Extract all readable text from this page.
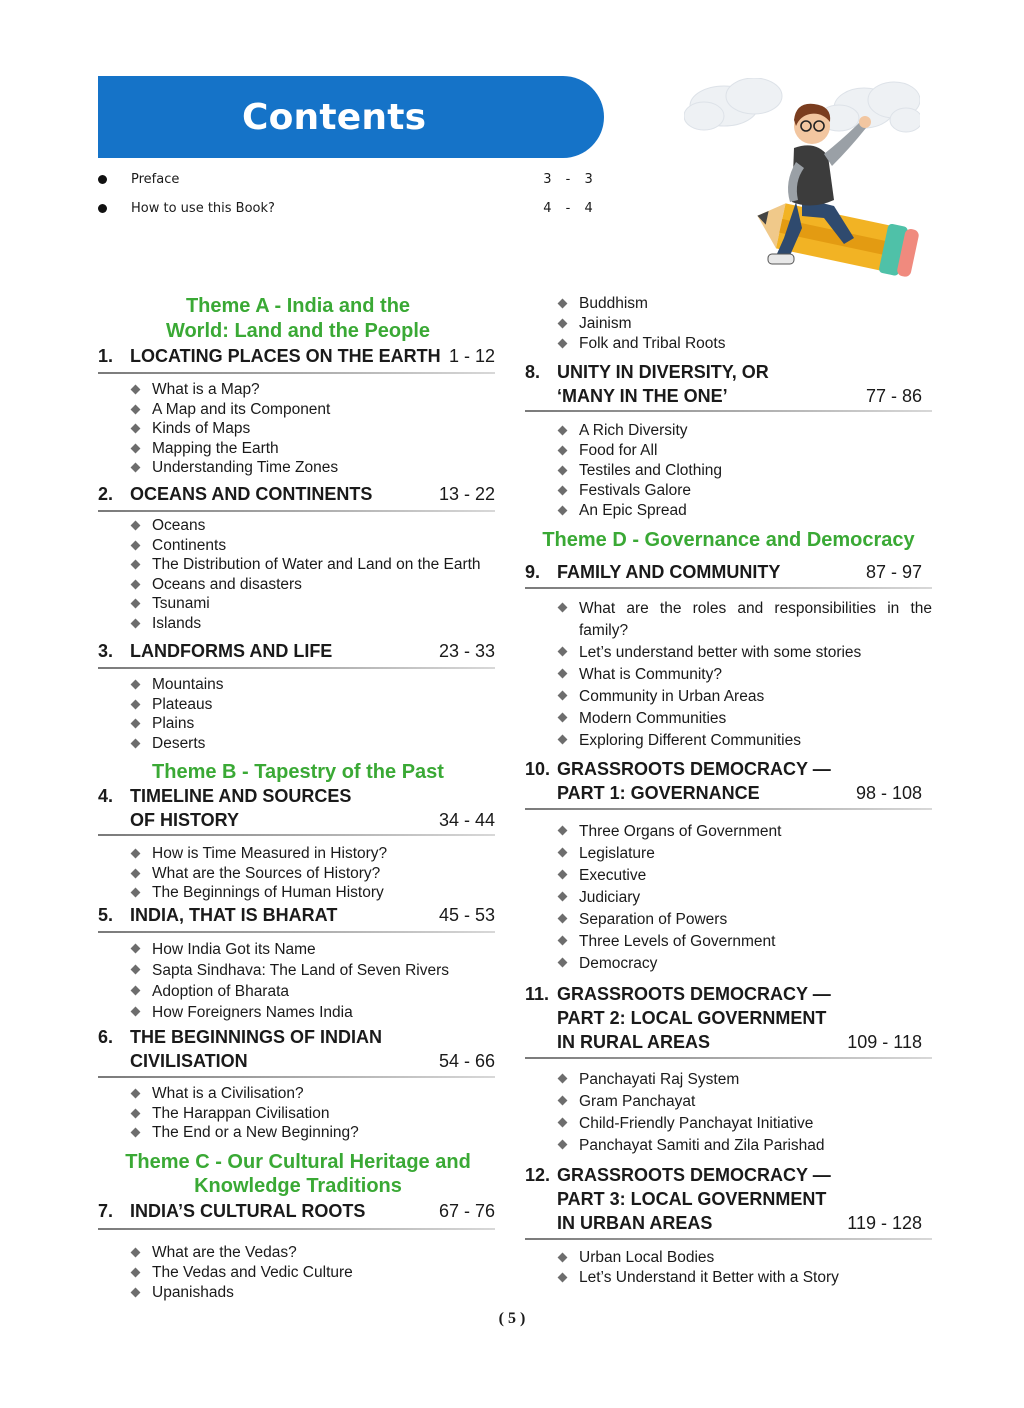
Contents
Preface	3 - 3
How to use this Book?	4 - 4
Theme A - India and the
World: Land and the People
1. LOCATING PLACES ON THE EARTH 1 - 12
What is a Map?
A Map and its Component
Kinds of Maps
Mapping the Earth
Understanding Time Zones
2. OCEANS AND CONTINENTS	13 - 22
Oceans
Continents
The Distribution of Water and Land on the Earth
Oceans and disasters
Tsunami
Islands
3. LANDFORMS AND LIFE	23 - 33
Mountains
Plateaus
Plains
Deserts
Theme B - Tapestry of the Past
4. TIMELINE AND SOURCES
OF HISTORY	34 - 44
How is Time Measured in History?
What are the Sources of History?
The Beginnings of Human History
5. INDIA, THAT IS BHARAT	45 - 53
How India Got its Name
Sapta Sindhava: The Land of Seven Rivers
Adoption of Bharata
How Foreigners Names India
6. THE BEGINNINGS OF INDIAN
CIVILISATION	54 - 66
What is a Civilisation?
The Harappan Civilisation
The End or a New Beginning?
Theme C - Our Cultural Heritage and
Knowledge Traditions
7. INDIA’S CULTURAL ROOTS	67 - 76
What are the Vedas?
The Vedas and Vedic Culture
Upanishads
Buddhism
Jainism
Folk and Tribal Roots
8. UNITY IN DIVERSITY, OR
‘MANY IN THE ONE’	77 - 86
A Rich Diversity
Food for All
Testiles and Clothing
Festivals Galore
An Epic Spread
Theme D - Governance and Democracy
9. FAMILY AND COMMUNITY	87 - 97
What are the roles and responsibilities in the family?
Let’s understand better with some stories
What is Community?
Community in Urban Areas
Modern Communities
Exploring Different Communities
10. GRASSROOTS DEMOCRACY —
PART 1: GOVERNANCE	98 - 108
Three Organs of Government
Legislature
Executive
Judiciary
Separation of Powers
Three Levels of Government
Democracy
11. GRASSROOTS DEMOCRACY —
PART 2: LOCAL GOVERNMENT
IN RURAL AREAS	109 - 118
Panchayati Raj System
Gram Panchayat
Child-Friendly Panchayat Initiative
Panchayat Samiti and Zila Parishad
12. GRASSROOTS DEMOCRACY —
PART 3: LOCAL GOVERNMENT
IN URBAN AREAS	119 - 128
Urban Local Bodies
Let’s Understand it Better with a Story
( 5 )
